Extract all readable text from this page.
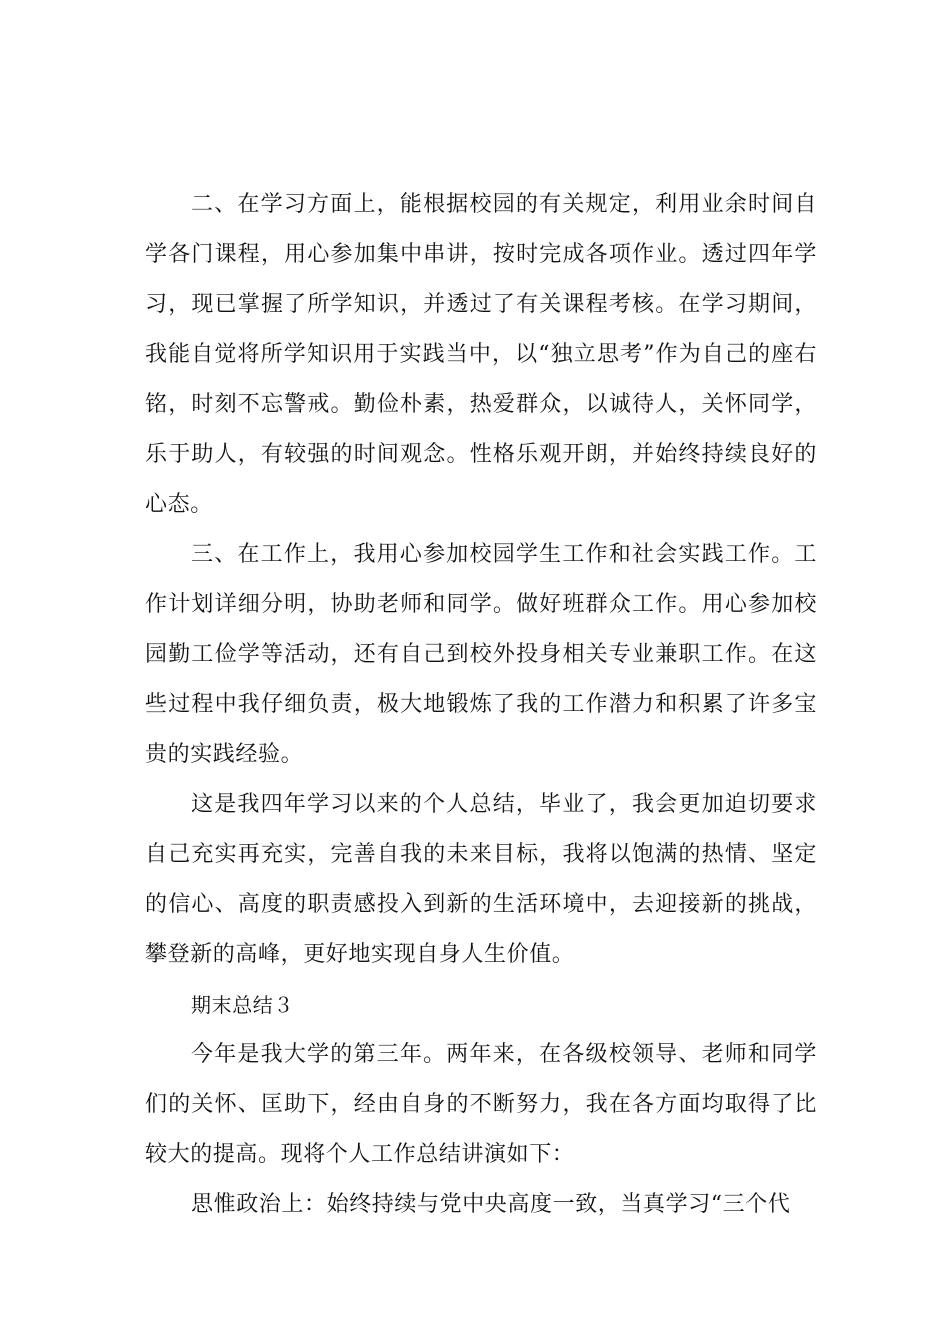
二、在学习方面上，能根据校园的有关规定，利用业余时间自学各门课程，用心参加集中串讲，按时完成各项作业。透过四年学习，现已掌握了所学知识，并透过了有关课程考核。在学习期间，我能自觉将所学知识用于实践当中，以“独立思考”作为自己的座右铭，时刻不忘警戒。勤俭朴素，热爱群众，以诚待人，关怀同学，乐于助人，有较强的时间观念。性格乐观开朗，并始终持续良好的心态。

三、在工作上，我用心参加校园学生工作和社会实践工作。工作计划详细分明，协助老师和同学。做好班群众工作。用心参加校园勤工俭学等活动，还有自己到校外投身相关专业兼职工作。在这些过程中我仔细负责，极大地锻炼了我的工作潜力和积累了许多宝贵的实践经验。

这是我四年学习以来的个人总结，毕业了，我会更加迫切要求自己充实再充实，完善自我的未来目标，我将以饱满的热情、坚定的信心、高度的职责感投入到新的生活环境中，去迎接新的挑战，攀登新的高峰，更好地实现自身人生价值。

期末总结３

今年是我大学的第三年。两年来，在各级校领导、老师和同学们的关怀、匡助下，经由自身的不断努力，我在各方面均取得了比较大的提高。现将个人工作总结讲演如下：

思惟政治上：始终持续与党中央高度一致，当真学习“三个代
